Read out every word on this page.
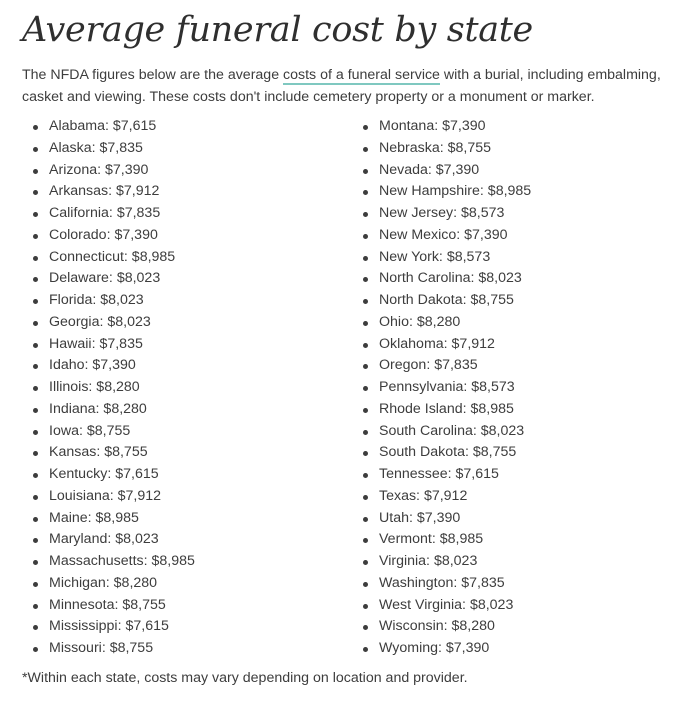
Average funeral cost by state

The NFDA figures below are the average costs of a funeral service with a burial, including embalming, casket and viewing. These costs don't include cemetery property or a monument or marker.

Alabama: $7,615
Alaska: $7,835
Arizona: $7,390
Arkansas: $7,912
California: $7,835
Colorado: $7,390
Connecticut: $8,985
Delaware: $8,023
Florida: $8,023
Georgia: $8,023
Hawaii: $7,835
Idaho: $7,390
Illinois: $8,280
Indiana: $8,280
Iowa: $8,755
Kansas: $8,755
Kentucky: $7,615
Louisiana: $7,912
Maine: $8,985
Maryland: $8,023
Massachusetts: $8,985
Michigan: $8,280
Minnesota: $8,755
Mississippi: $7,615
Missouri: $8,755
Montana: $7,390
Nebraska: $8,755
Nevada: $7,390
New Hampshire: $8,985
New Jersey: $8,573
New Mexico: $7,390
New York: $8,573
North Carolina: $8,023
North Dakota: $8,755
Ohio: $8,280
Oklahoma: $7,912
Oregon: $7,835
Pennsylvania: $8,573
Rhode Island: $8,985
South Carolina: $8,023
South Dakota: $8,755
Tennessee: $7,615
Texas: $7,912
Utah: $7,390
Vermont: $8,985
Virginia: $8,023
Washington: $7,835
West Virginia: $8,023
Wisconsin: $8,280
Wyoming: $7,390
*Within each state, costs may vary depending on location and provider.
